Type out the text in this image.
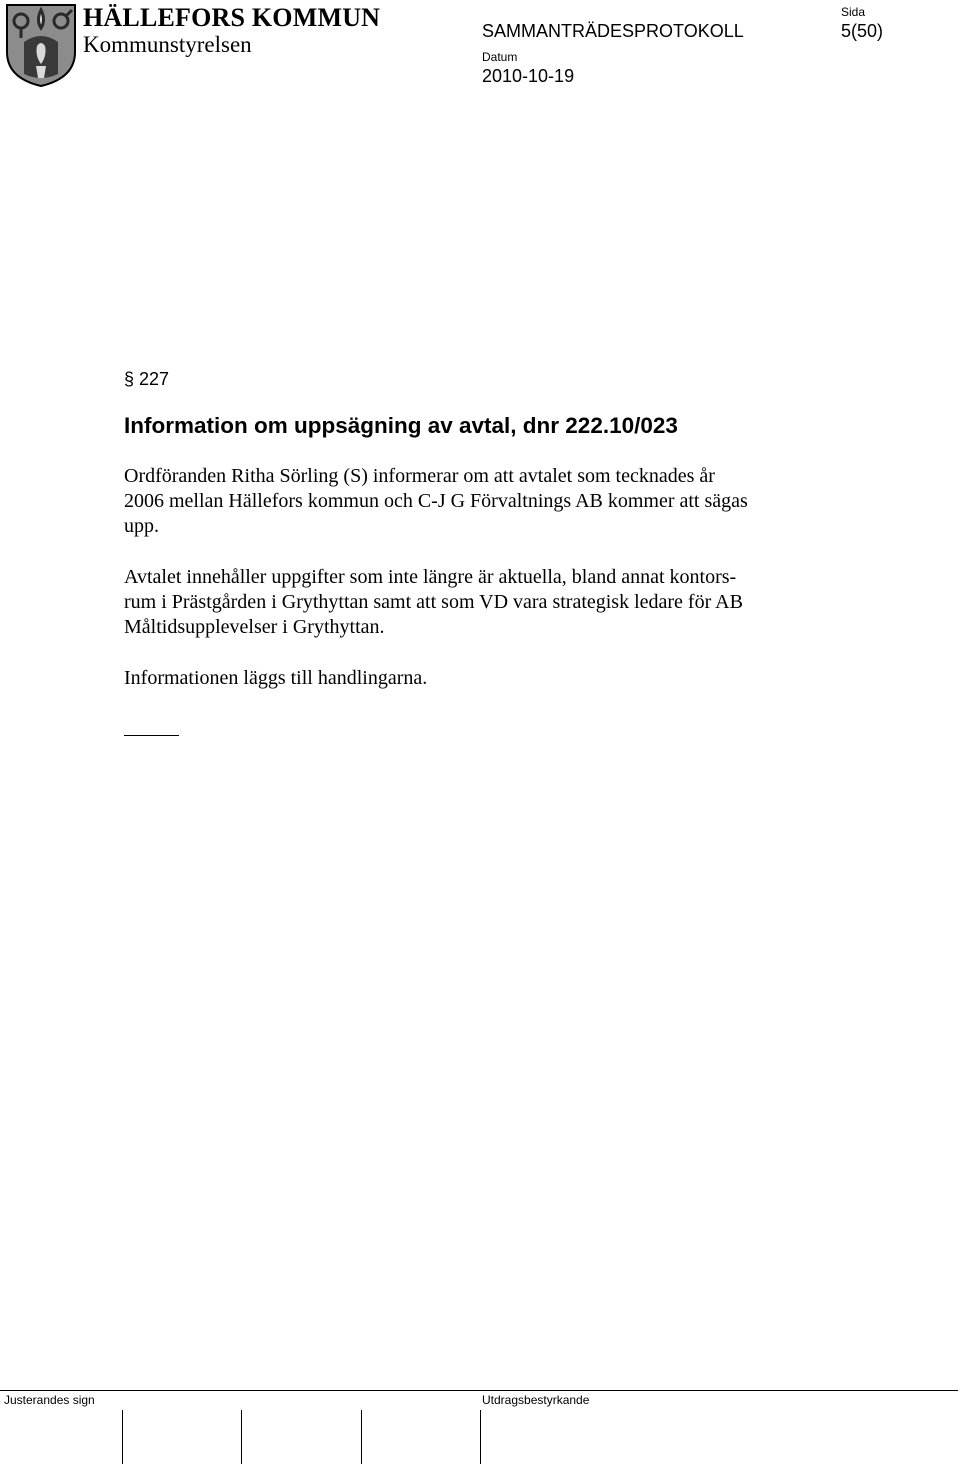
HÄLLEFORS KOMMUN
Kommunstyrelsen
SAMMANTRÄDESPROTOKOLL
Sida
5(50)
Datum
2010-10-19
§ 227
Information om uppsägning av avtal, dnr 222.10/023
Ordföranden Ritha Sörling (S) informerar om att avtalet som tecknades år
2006 mellan Hällefors kommun och C-J G Förvaltnings AB kommer att sägas
upp.
Avtalet innehåller uppgifter som inte längre är aktuella, bland annat kontors-
rum i Prästgården i Grythyttan samt att som VD vara strategisk ledare för AB
Måltidsupplevelser i Grythyttan.
Informationen läggs till handlingarna.
Justerandes sign	Utdragsbestyrkande
